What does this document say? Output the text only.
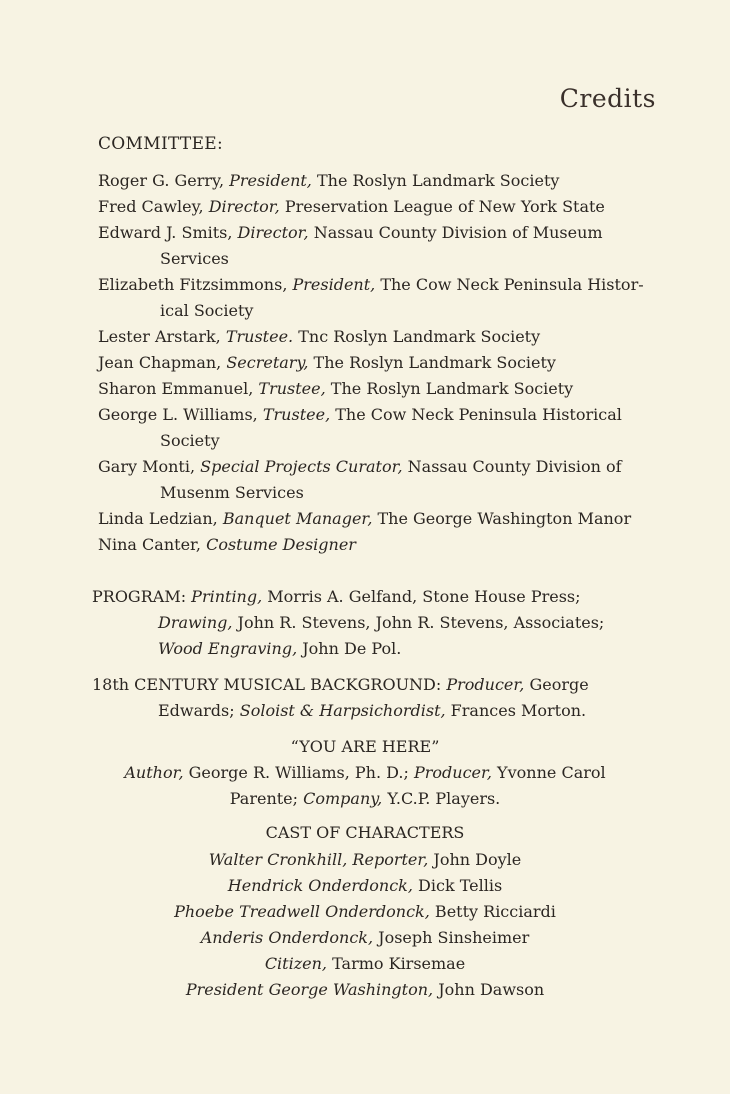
Credits
COMMITTEE:
Roger G. Gerry, President, The Roslyn Landmark Society
Fred Cawley, Director, Preservation League of New York State
Edward J. Smits, Director, Nassau County Division of Museum
Services
Elizabeth Fitzsimmons, President, The Cow Neck Peninsula Histor-
ical Society
Lester Arstark, Trustee. Tnc Roslyn Landmark Society
Jean Chapman, Secretary, The Roslyn Landmark Society
Sharon Emmanuel, Trustee, The Roslyn Landmark Society
George L. Williams, Trustee, The Cow Neck Peninsula Historical
Society
Gary Monti, Special Projects Curator, Nassau County Division of
Musenm Services
Linda Ledzian, Banquet Manager, The George Washington Manor
Nina Canter, Costume Designer
PROGRAM: Printing, Morris A. Gelfand, Stone House Press;
Drawing, John R. Stevens, John R. Stevens, Associates;
Wood Engraving, John De Pol.
18th CENTURY MUSICAL BACKGROUND: Producer, George
Edwards; Soloist & Harpsichordist, Frances Morton.
“YOU ARE HERE”
Author, George R. Williams, Ph. D.; Producer, Yvonne Carol
Parente; Company, Y.C.P. Players.
CAST OF CHARACTERS
Walter Cronkhill, Reporter, John Doyle
Hendrick Onderdonck, Dick Tellis
Phoebe Treadwell Onderdonck, Betty Ricciardi
Anderis Onderdonck, Joseph Sinsheimer
Citizen, Tarmo Kirsemae
President George Washington, John Dawson
